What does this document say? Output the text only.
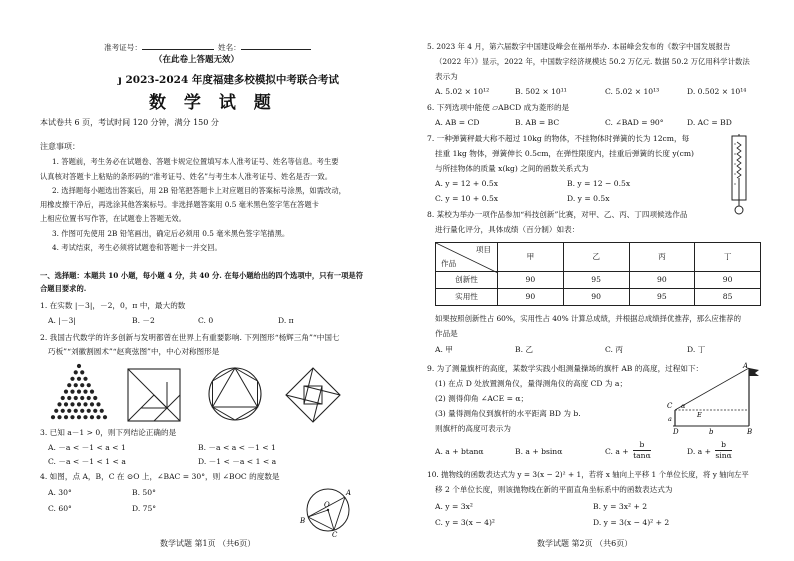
准考证号：	姓名：
（在此卷上答题无效）
ȷ 2023-2024 年度福建多校模拟中考联合考试
数 学 试 题
本试卷共 6 页，考试时间 120 分钟，满分 150 分
注意事项：
1. 答题前，考生务必在试题卷、答题卡规定位置填写本人准考证号、姓名等信息。考生要
认真核对答题卡上粘贴的条形码的“准考证号、姓名”与考生本人准考证号、姓名是否一致。
2. 选择题每小题选出答案后，用 2B 铅笔把答题卡上对应题目的答案标号涂黑，如需改动，
用橡皮擦干净后，再选涂其他答案标号。非选择题答案用 0.5 毫米黑色签字笔在答题卡
上相应位置书写作答，在试题卷上答题无效。
3. 作图可先使用 2B 铅笔画出，确定后必须用 0.5 毫米黑色签字笔描黑。
4. 考试结束，考生必须将试题卷和答题卡一并交回。
一、选择题：本题共 10 小题，每小题 4 分，共 40 分. 在每小题给出的四个选项中，只有一项是符
合题目要求的.
1. 在实数 |－3|，－2，0，π 中，最大的数
A. |－3|	B. －2	C. 0	D. π
2. 我国古代数学的许多创新与发明都曾在世界上有重要影响. 下列图形“杨辉三角”“中国七
巧板”“刘徽割圆术”“赵爽弦图”中，中心对称图形是
3. 已知 a－1 > 0，则下列结论正确的是
A. －a < －1 < a < 1	B. －a < a < －1 < 1
C. －a < －1 < 1 < a	D. －1 < －a < 1 < a
4. 如图，点 A，B，C 在 ⊙O 上，∠BAC = 30°，则 ∠BOC 的度数是
A. 30°	B. 50°
C. 60°	D. 75°
A
O
B
C
数学试题 第1页 （共6页）
5. 2023 年 4 月，第六届数字中国建设峰会在福州举办. 本届峰会发布的《数字中国发展报告
（2022 年）》显示，2022 年，中国数字经济规模达 50.2 万亿元. 数据 50.2 万亿用科学计数法
表示为
A. 5.02 × 10¹²	B. 502 × 10¹¹	C. 5.02 × 10¹³	D. 0.502 × 10¹⁴
6. 下列选项中能使 ▱ABCD 成为菱形的是
A. AB = CD	B. AB = BC	C. ∠BAD = 90°	D. AC = BD
7. 一种弹簧秤最大称不超过 10kg 的物体，不挂物体时弹簧的长为 12cm，每
挂重 1kg 物体，弹簧伸长 0.5cm，在弹性限度内，挂重后弹簧的长度 y(cm)
与所挂物体的质量 x(kg) 之间的函数关系式为
A. y = 12 + 0.5x	B. y = 12 − 0.5x
C. y = 10 + 0.5x	D. y = 0.5x
8. 某校为举办一项作品参加“科技创新”比赛，对甲、乙、丙、丁四项候选作品
进行量化评分，具体成绩（百分制）如表：
项目
作品	甲	乙	丙	丁
创新性	90	95	90	90
实用性	90	90	95	85
如果按照创新性占 60%，实用性占 40% 计算总成绩，并根据总成绩择优推荐，那么应推荐的
作品是
A. 甲	B. 乙	C. 丙	D. 丁
9. 为了测量旗杆的高度，某数学实践小组测量操场的旗杆 AB 的高度，过程如下：
(1) 在点 D 处放置测角仪，量得测角仪的高度 CD 为 a；
(2) 测得仰角 ∠ACE = α；
(3) 量得测角仪到旗杆的水平距离 BD 为 b.
则旗杆的高度可表示为
A. a + btanα	B. a + bsinα	C. $a + \frac{b}{\tan\alpha}$	D. $a + \frac{b}{\sin\alpha}$
A
C
E
α
a
D	b	B
10. 抛物线的函数表达式为 y = 3(x − 2)² + 1，若将 x 轴向上平移 1 个单位长度，将 y 轴向左平
移 2 个单位长度，则该抛物线在新的平面直角坐标系中的函数表达式为
A. y = 3x²	B. y = 3x² + 2
C. y = 3(x − 4)²	D. y = 3(x − 4)² + 2
数学试题 第2页 （共6页）
